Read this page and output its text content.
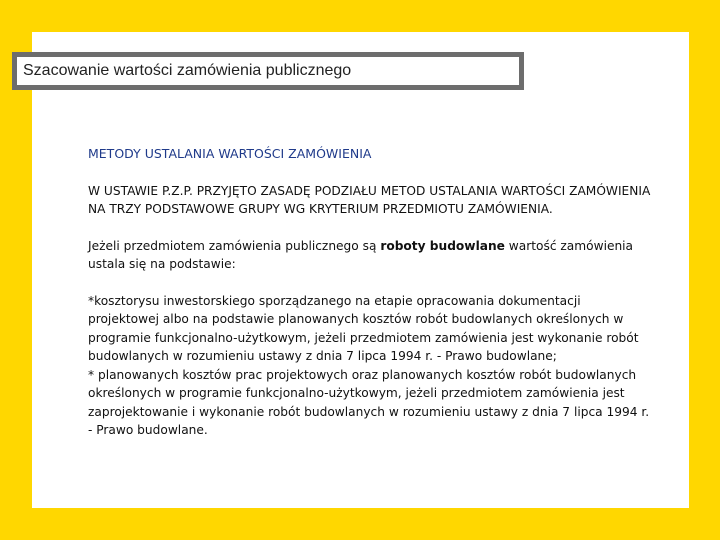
Szacowanie wartości zamówienia publicznego
METODY USTALANIA WARTOŚCI ZAMÓWIENIA
W USTAWIE P.Z.P. PRZYJĘTO ZASADĘ PODZIAŁU METOD USTALANIA WARTOŚCI ZAMÓWIENIA NA TRZY PODSTAWOWE GRUPY WG KRYTERIUM PRZEDMIOTU ZAMÓWIENIA.
Jeżeli przedmiotem zamówienia publicznego są roboty budowlane wartość zamówienia ustala się na podstawie:
*kosztorysu inwestorskiego sporządzanego na etapie opracowania dokumentacji projektowej albo na podstawie planowanych kosztów robót budowlanych określonych w programie funkcjonalno-użytkowym, jeżeli przedmiotem zamówienia jest wykonanie robót budowlanych w rozumieniu ustawy z dnia 7 lipca 1994 r. - Prawo budowlane;
* planowanych kosztów prac projektowych oraz planowanych kosztów robót budowlanych określonych w programie funkcjonalno-użytkowym, jeżeli przedmiotem zamówienia jest zaprojektowanie i wykonanie robót budowlanych w rozumieniu ustawy z dnia 7 lipca 1994 r. - Prawo budowlane.
